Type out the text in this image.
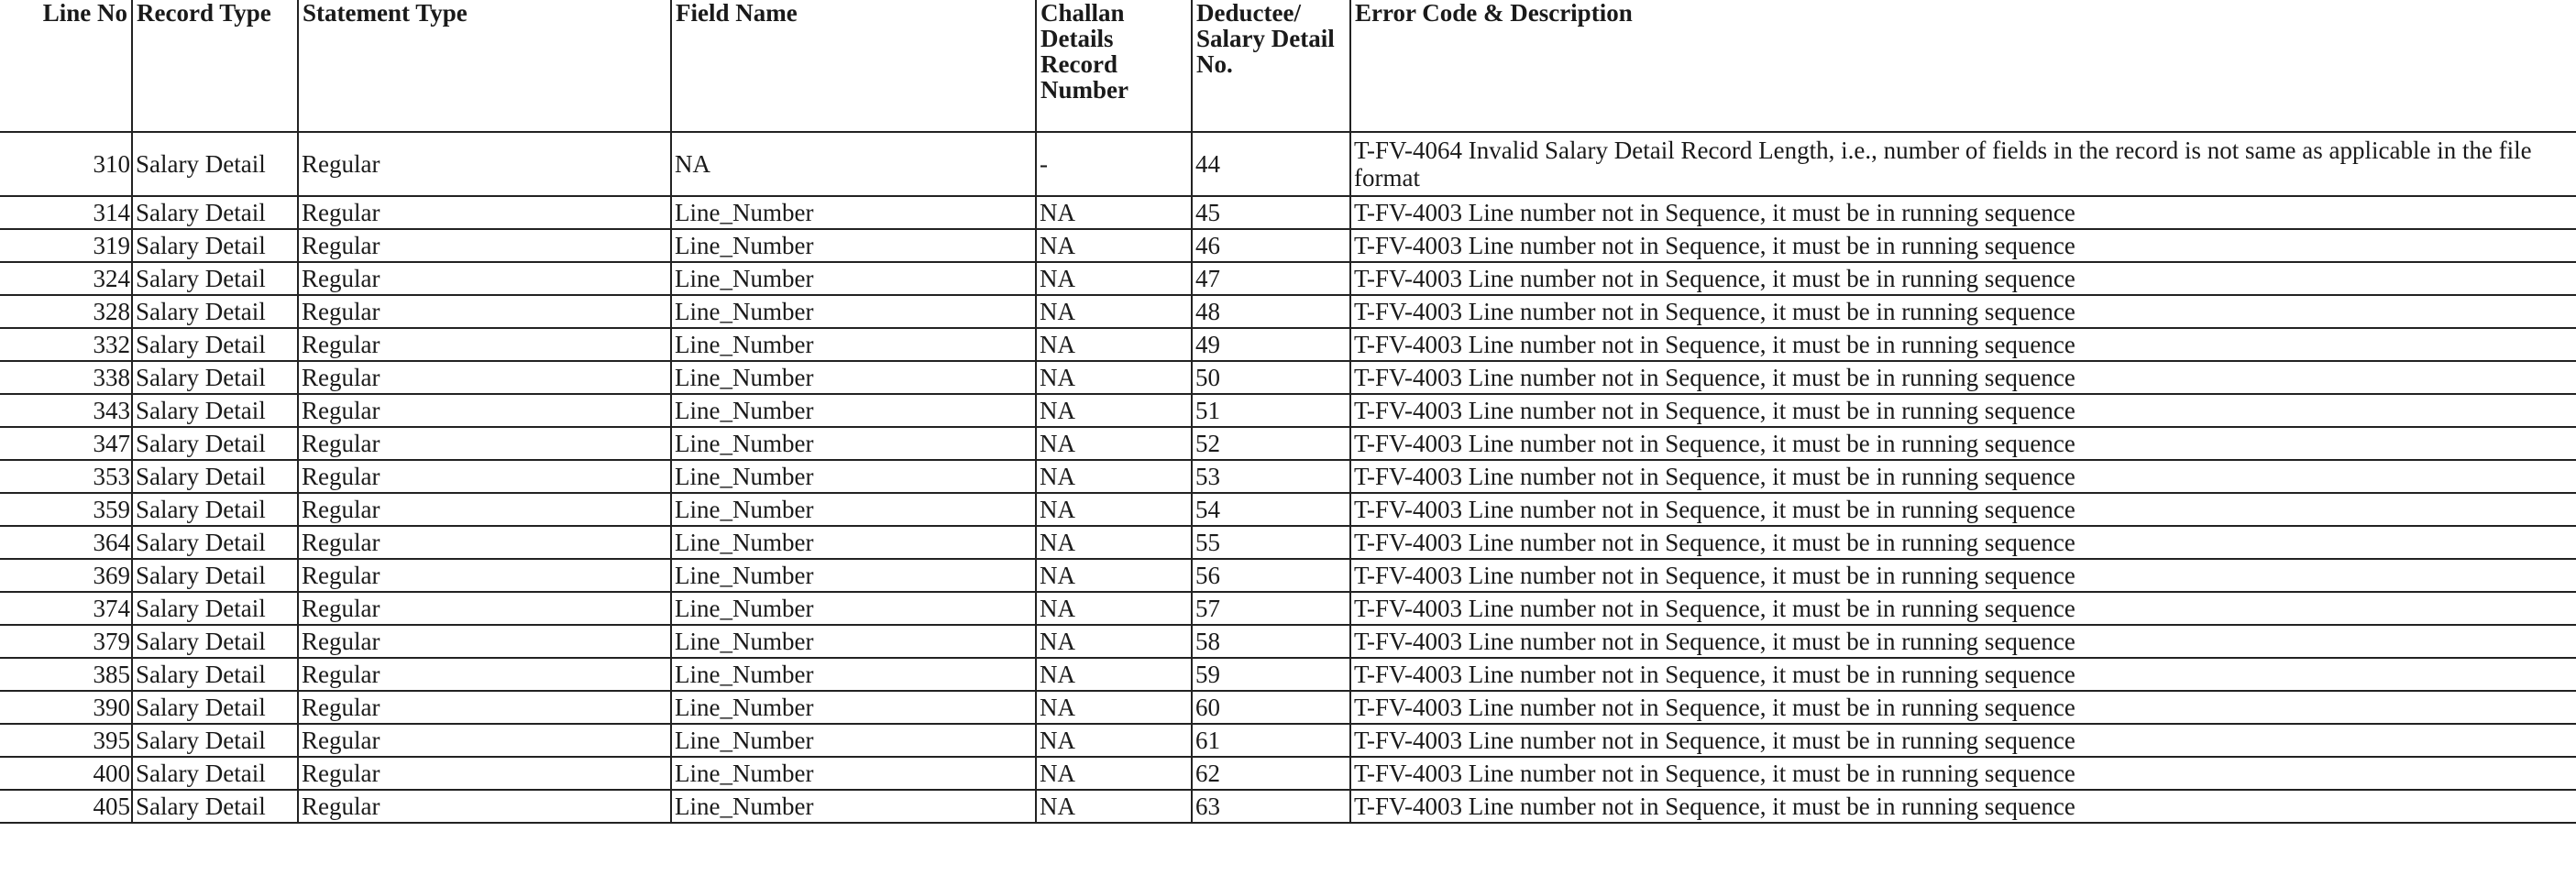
Line No	Record Type	Statement Type	Field Name	Challan Details Record Number	Deductee/ Salary Detail No.	Error Code & Description
310	Salary Detail	Regular	NA	-	44	T-FV-4064 Invalid Salary Detail Record Length, i.e., number of fields in the record is not same as applicable in the file format
314	Salary Detail	Regular	Line_Number	NA	45	T-FV-4003 Line number not in Sequence, it must be in running sequence
319	Salary Detail	Regular	Line_Number	NA	46	T-FV-4003 Line number not in Sequence, it must be in running sequence
324	Salary Detail	Regular	Line_Number	NA	47	T-FV-4003 Line number not in Sequence, it must be in running sequence
328	Salary Detail	Regular	Line_Number	NA	48	T-FV-4003 Line number not in Sequence, it must be in running sequence
332	Salary Detail	Regular	Line_Number	NA	49	T-FV-4003 Line number not in Sequence, it must be in running sequence
338	Salary Detail	Regular	Line_Number	NA	50	T-FV-4003 Line number not in Sequence, it must be in running sequence
343	Salary Detail	Regular	Line_Number	NA	51	T-FV-4003 Line number not in Sequence, it must be in running sequence
347	Salary Detail	Regular	Line_Number	NA	52	T-FV-4003 Line number not in Sequence, it must be in running sequence
353	Salary Detail	Regular	Line_Number	NA	53	T-FV-4003 Line number not in Sequence, it must be in running sequence
359	Salary Detail	Regular	Line_Number	NA	54	T-FV-4003 Line number not in Sequence, it must be in running sequence
364	Salary Detail	Regular	Line_Number	NA	55	T-FV-4003 Line number not in Sequence, it must be in running sequence
369	Salary Detail	Regular	Line_Number	NA	56	T-FV-4003 Line number not in Sequence, it must be in running sequence
374	Salary Detail	Regular	Line_Number	NA	57	T-FV-4003 Line number not in Sequence, it must be in running sequence
379	Salary Detail	Regular	Line_Number	NA	58	T-FV-4003 Line number not in Sequence, it must be in running sequence
385	Salary Detail	Regular	Line_Number	NA	59	T-FV-4003 Line number not in Sequence, it must be in running sequence
390	Salary Detail	Regular	Line_Number	NA	60	T-FV-4003 Line number not in Sequence, it must be in running sequence
395	Salary Detail	Regular	Line_Number	NA	61	T-FV-4003 Line number not in Sequence, it must be in running sequence
400	Salary Detail	Regular	Line_Number	NA	62	T-FV-4003 Line number not in Sequence, it must be in running sequence
405	Salary Detail	Regular	Line_Number	NA	63	T-FV-4003 Line number not in Sequence, it must be in running sequence
